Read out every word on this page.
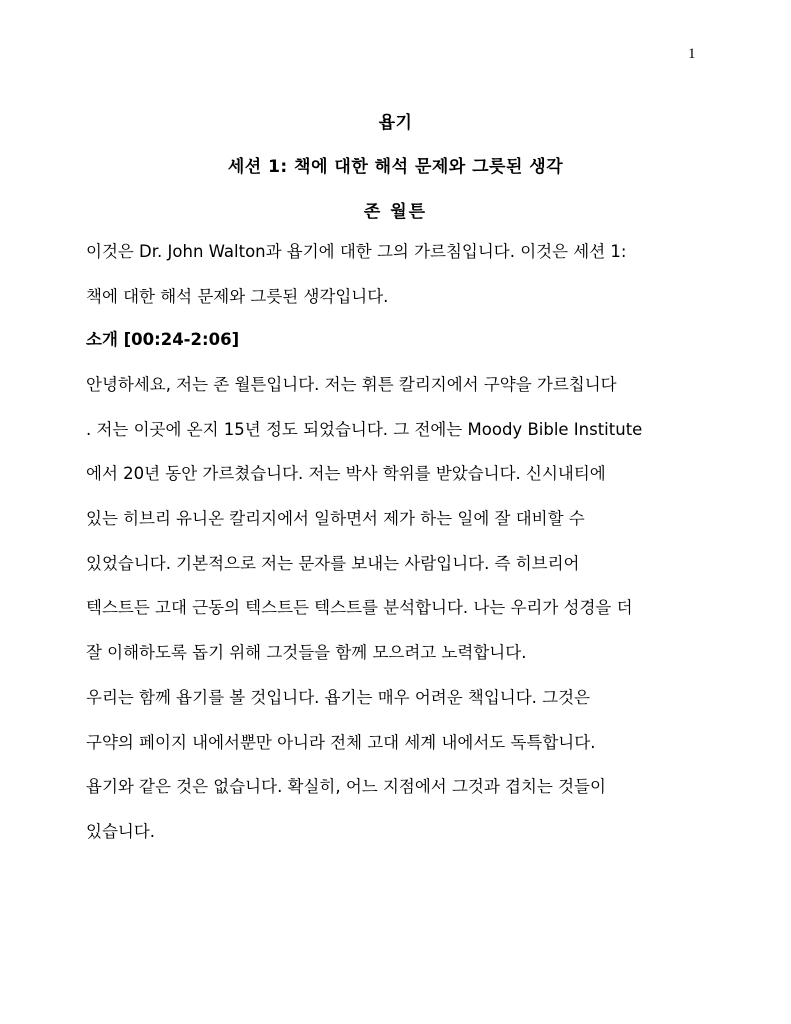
1
욥기
세션 1: 책에 대한 해석 문제와 그릇된 생각
존 월튼
이것은 Dr. John Walton과 욥기에 대한 그의 가르침입니다. 이것은 세션 1:
책에 대한 해석 문제와 그릇된 생각입니다.
소개 [00:24-2:06]
안녕하세요, 저는 존 월튼입니다. 저는 휘튼 칼리지에서 구약을 가르칩니다
. 저는 이곳에 온지 15년 정도 되었습니다. 그 전에는 Moody Bible Institute
에서 20년 동안 가르쳤습니다. 저는 박사 학위를 받았습니다. 신시내티에
있는 히브리 유니온 칼리지에서 일하면서 제가 하는 일에 잘 대비할 수
있었습니다. 기본적으로 저는 문자를 보내는 사람입니다. 즉 히브리어
텍스트든 고대 근동의 텍스트든 텍스트를 분석합니다. 나는 우리가 성경을 더
잘 이해하도록 돕기 위해 그것들을 함께 모으려고 노력합니다.
우리는 함께 욥기를 볼 것입니다. 욥기는 매우 어려운 책입니다. 그것은
구약의 페이지 내에서뿐만 아니라 전체 고대 세계 내에서도 독특합니다.
욥기와 같은 것은 없습니다. 확실히, 어느 지점에서 그것과 겹치는 것들이
있습니다.
